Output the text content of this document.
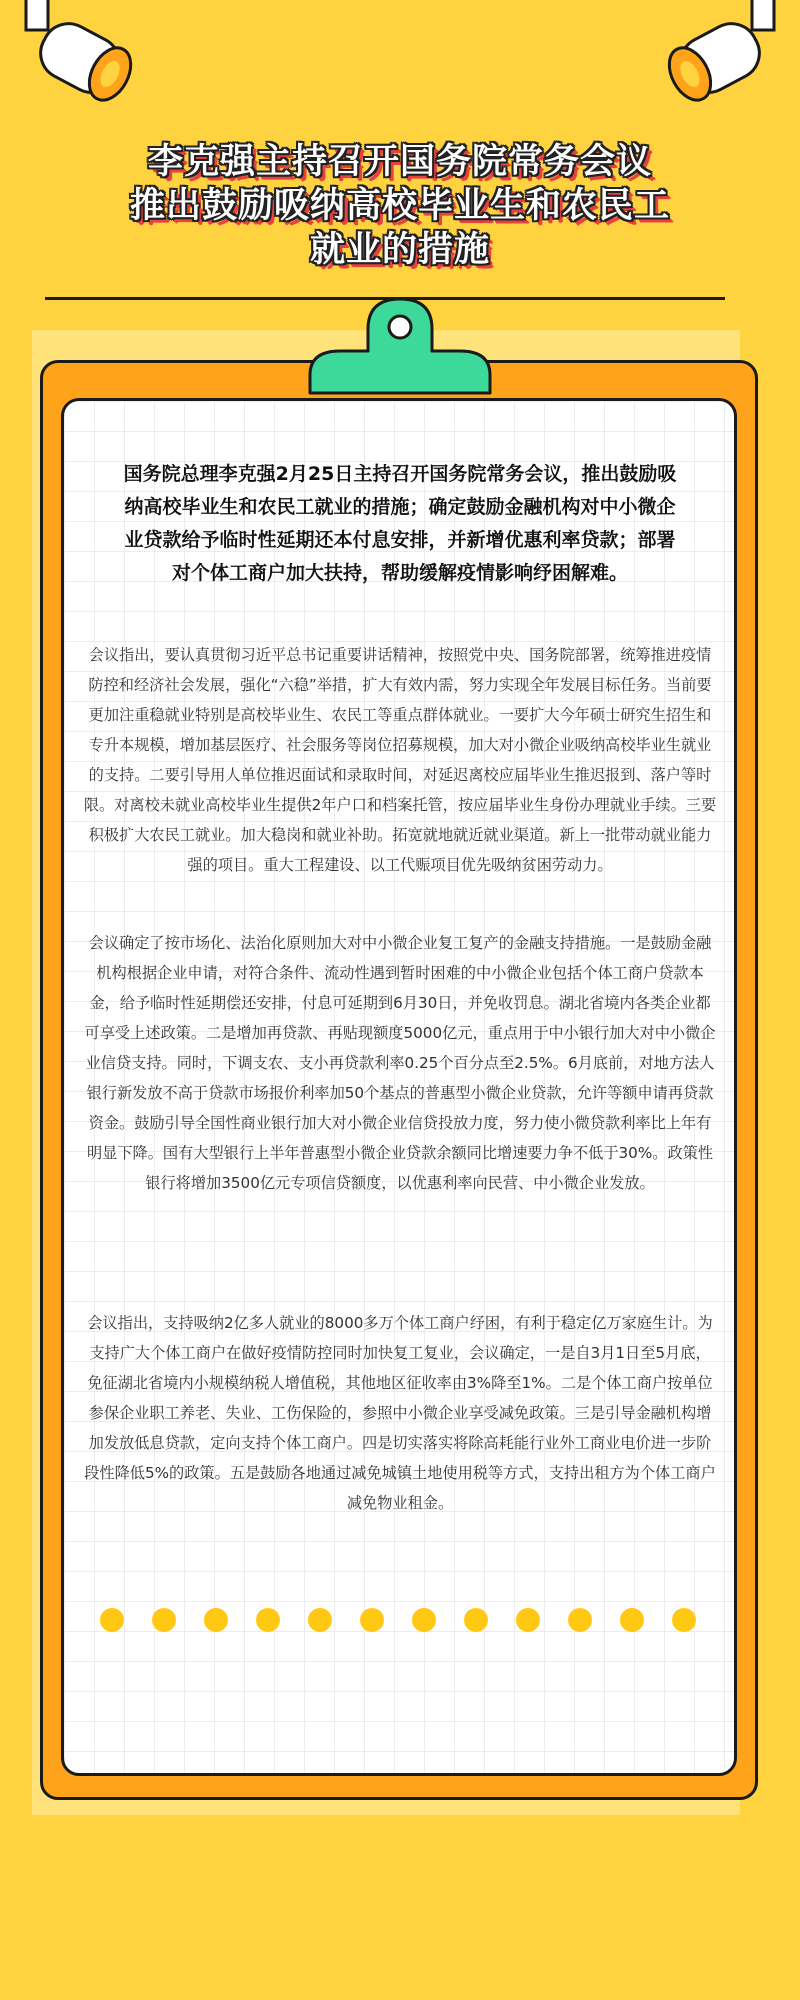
李克强主持召开国务院常务会议
推出鼓励吸纳高校毕业生和农民工
就业的措施
国务院总理李克强2月25日主持召开国务院常务会议，推出鼓励吸纳高校毕业生和农民工就业的措施；确定鼓励金融机构对中小微企业贷款给予临时性延期还本付息安排，并新增优惠利率贷款；部署对个体工商户加大扶持，帮助缓解疫情影响纾困解难。
会议指出，要认真贯彻习近平总书记重要讲话精神，按照党中央、国务院部署，统筹推进疫情防控和经济社会发展，强化“六稳”举措，扩大有效内需，努力实现全年发展目标任务。当前要更加注重稳就业特别是高校毕业生、农民工等重点群体就业。一要扩大今年硕士研究生招生和专升本规模，增加基层医疗、社会服务等岗位招募规模，加大对小微企业吸纳高校毕业生就业的支持。二要引导用人单位推迟面试和录取时间，对延迟离校应届毕业生推迟报到、落户等时限。对离校未就业高校毕业生提供2年户口和档案托管，按应届毕业生身份办理就业手续。三要积极扩大农民工就业。加大稳岗和就业补助。拓宽就地就近就业渠道。新上一批带动就业能力强的项目。重大工程建设、以工代赈项目优先吸纳贫困劳动力。
会议确定了按市场化、法治化原则加大对中小微企业复工复产的金融支持措施。一是鼓励金融机构根据企业申请，对符合条件、流动性遇到暂时困难的中小微企业包括个体工商户贷款本金，给予临时性延期偿还安排，付息可延期到6月30日，并免收罚息。湖北省境内各类企业都可享受上述政策。二是增加再贷款、再贴现额度5000亿元，重点用于中小银行加大对中小微企业信贷支持。同时，下调支农、支小再贷款利率0.25个百分点至2.5%。6月底前，对地方法人银行新发放不高于贷款市场报价利率加50个基点的普惠型小微企业贷款，允许等额申请再贷款资金。鼓励引导全国性商业银行加大对小微企业信贷投放力度，努力使小微贷款利率比上年有明显下降。国有大型银行上半年普惠型小微企业贷款余额同比增速要力争不低于30%。政策性银行将增加3500亿元专项信贷额度，以优惠利率向民营、中小微企业发放。
会议指出，支持吸纳2亿多人就业的8000多万个体工商户纾困，有利于稳定亿万家庭生计。为支持广大个体工商户在做好疫情防控同时加快复工复业，会议确定，一是自3月1日至5月底，免征湖北省境内小规模纳税人增值税，其他地区征收率由3%降至1%。二是个体工商户按单位参保企业职工养老、失业、工伤保险的，参照中小微企业享受减免政策。三是引导金融机构增加发放低息贷款，定向支持个体工商户。四是切实落实将除高耗能行业外工商业电价进一步阶段性降低5%的政策。五是鼓励各地通过减免城镇土地使用税等方式，支持出租方为个体工商户减免物业租金。
